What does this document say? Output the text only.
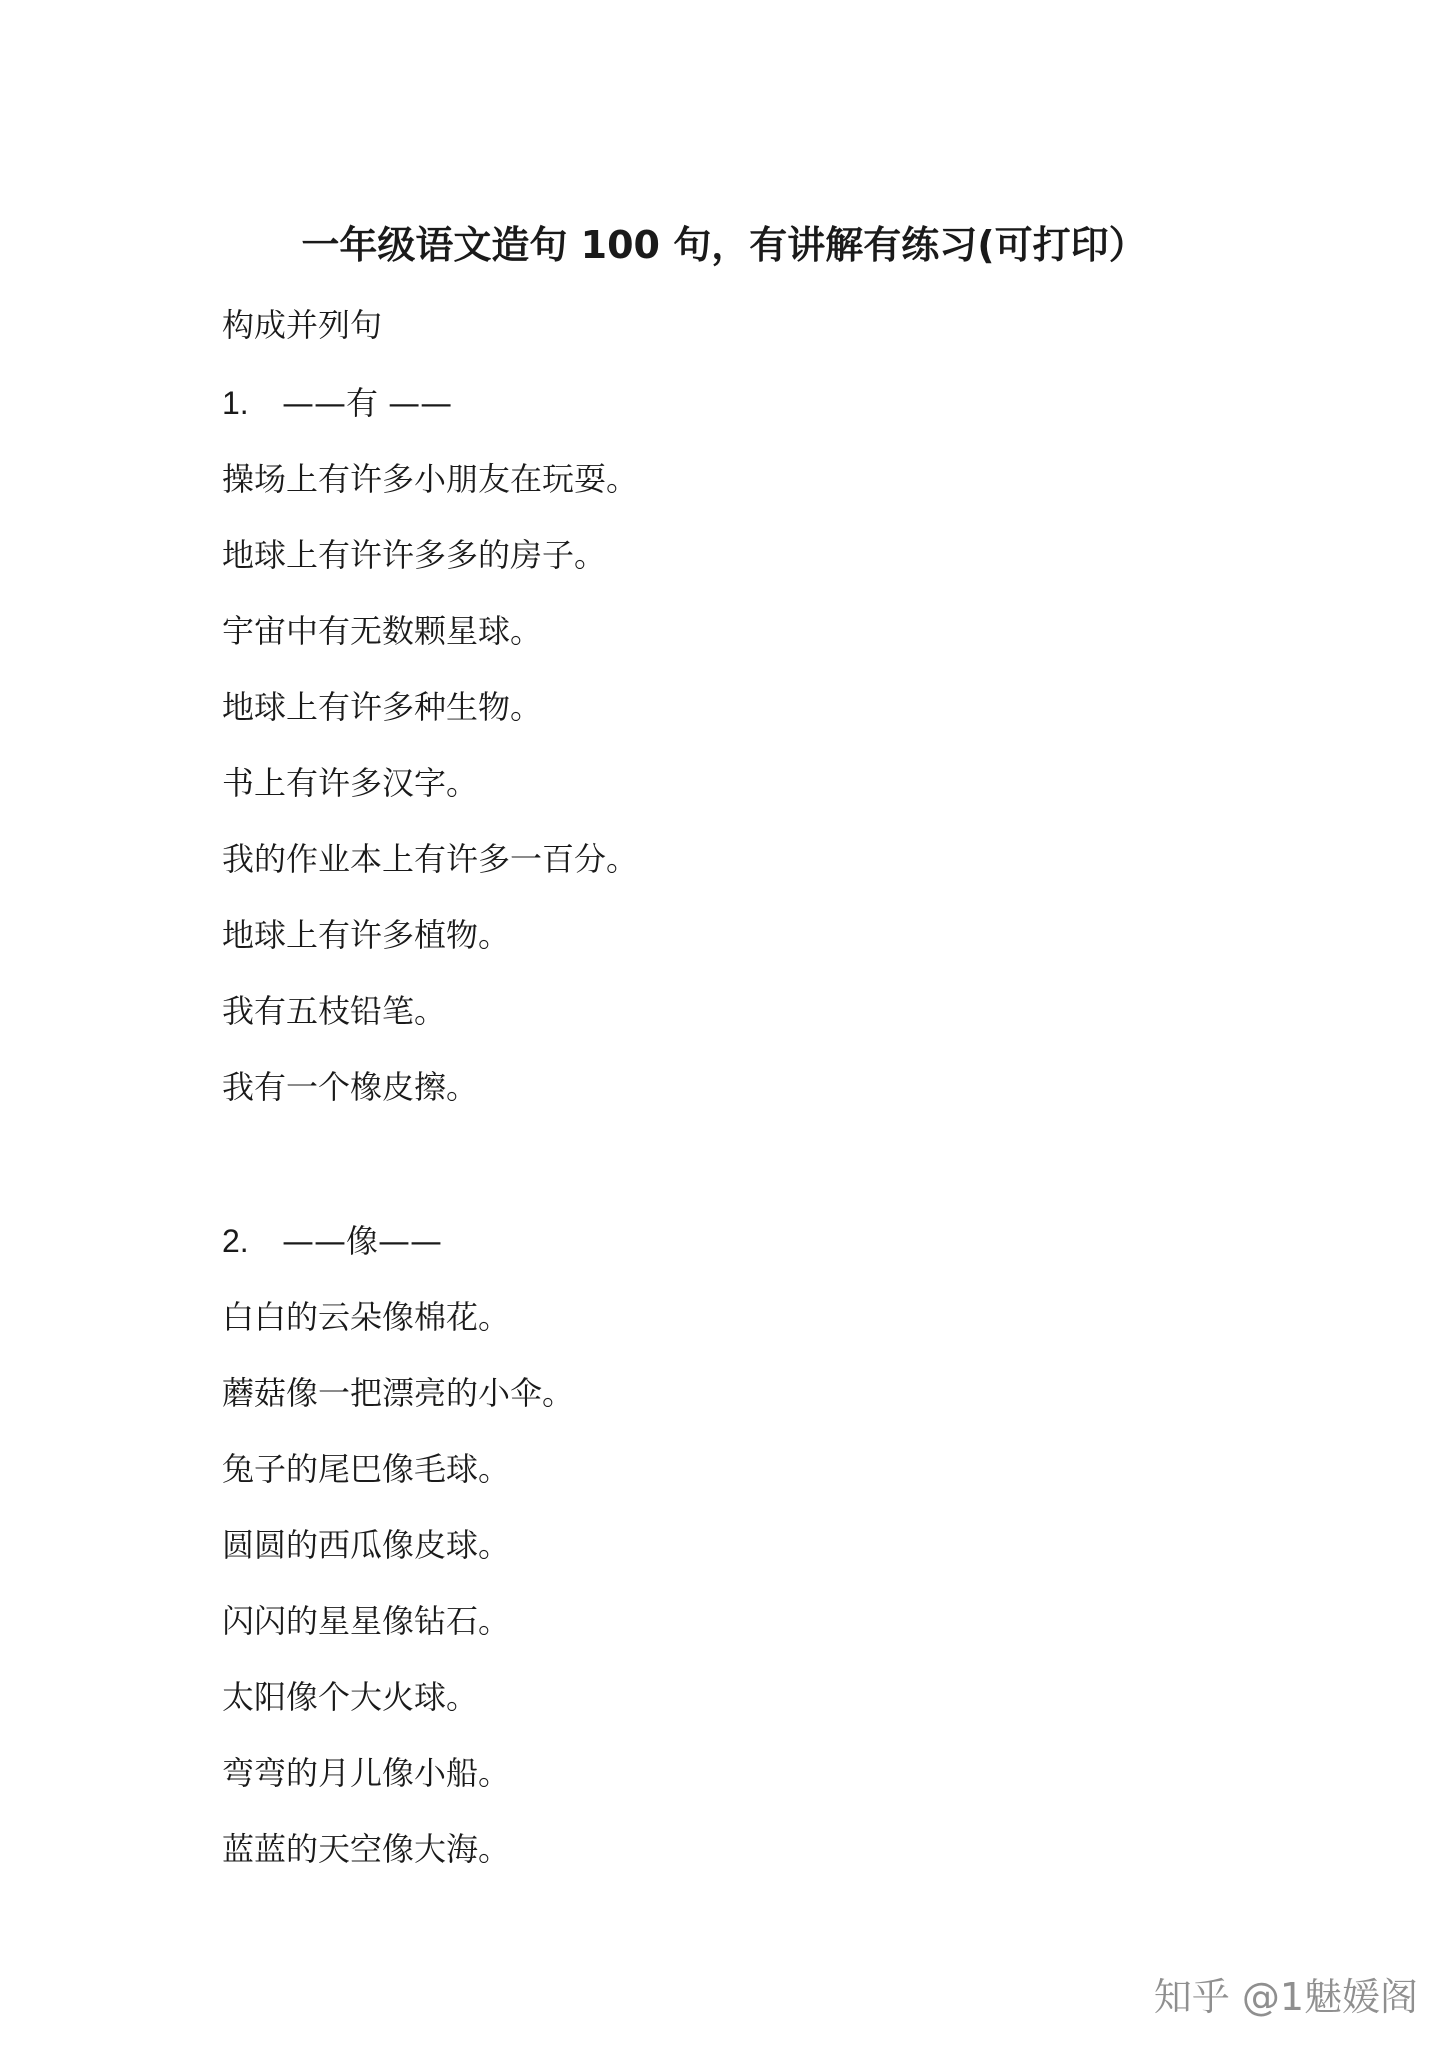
一年级语文造句 100 句，有讲解有练习(可打印）
构成并列句
1. ——有 ——
操场上有许多小朋友在玩耍。
地球上有许许多多的房子。
宇宙中有无数颗星球。
地球上有许多种生物。
书上有许多汉字。
我的作业本上有许多一百分。
地球上有许多植物。
我有五枝铅笔。
我有一个橡皮擦。
2. ——像——
白白的云朵像棉花。
蘑菇像一把漂亮的小伞。
兔子的尾巴像毛球。
圆圆的西瓜像皮球。
闪闪的星星像钻石。
太阳像个大火球。
弯弯的月儿像小船。
蓝蓝的天空像大海。
知乎 @1魅媛阁
